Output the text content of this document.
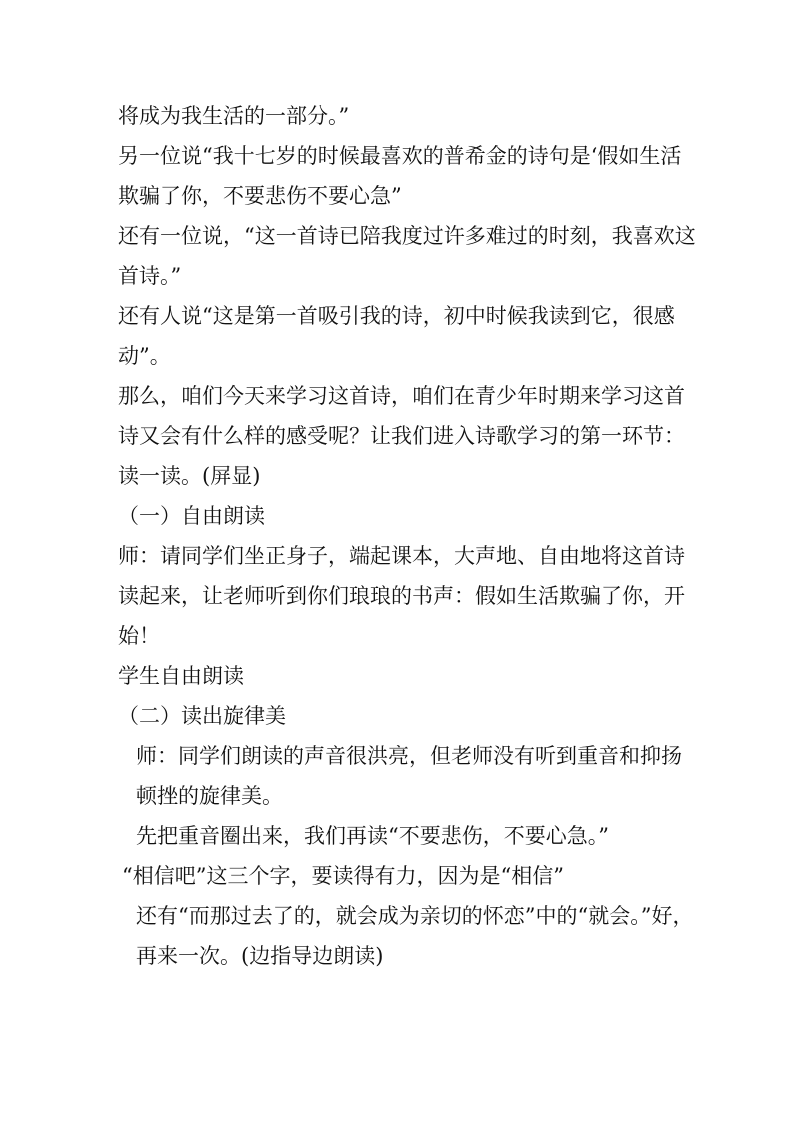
将成为我生活的一部分。”

另一位说“我十七岁的时候最喜欢的普希金的诗句是‘假如生活欺骗了你，不要悲伤不要心急”

还有一位说，“这一首诗已陪我度过许多难过的时刻，我喜欢这首诗。”

还有人说“这是第一首吸引我的诗，初中时候我读到它，很感动”。

那么，咱们今天来学习这首诗，咱们在青少年时期来学习这首诗又会有什么样的感受呢？让我们进入诗歌学习的第一环节：读一读。(屏显)

（一）自由朗读

师：请同学们坐正身子，端起课本，大声地、自由地将这首诗读起来，让老师听到你们琅琅的书声：假如生活欺骗了你，开始！

学生自由朗读

（二）读出旋律美

师：同学们朗读的声音很洪亮，但老师没有听到重音和抑扬顿挫的旋律美。

先把重音圈出来，我们再读“不要悲伤，不要心急。”

“相信吧”这三个字，要读得有力，因为是“相信”

还有“而那过去了的，就会成为亲切的怀恋”中的“就会。”好，再来一次。(边指导边朗读)
